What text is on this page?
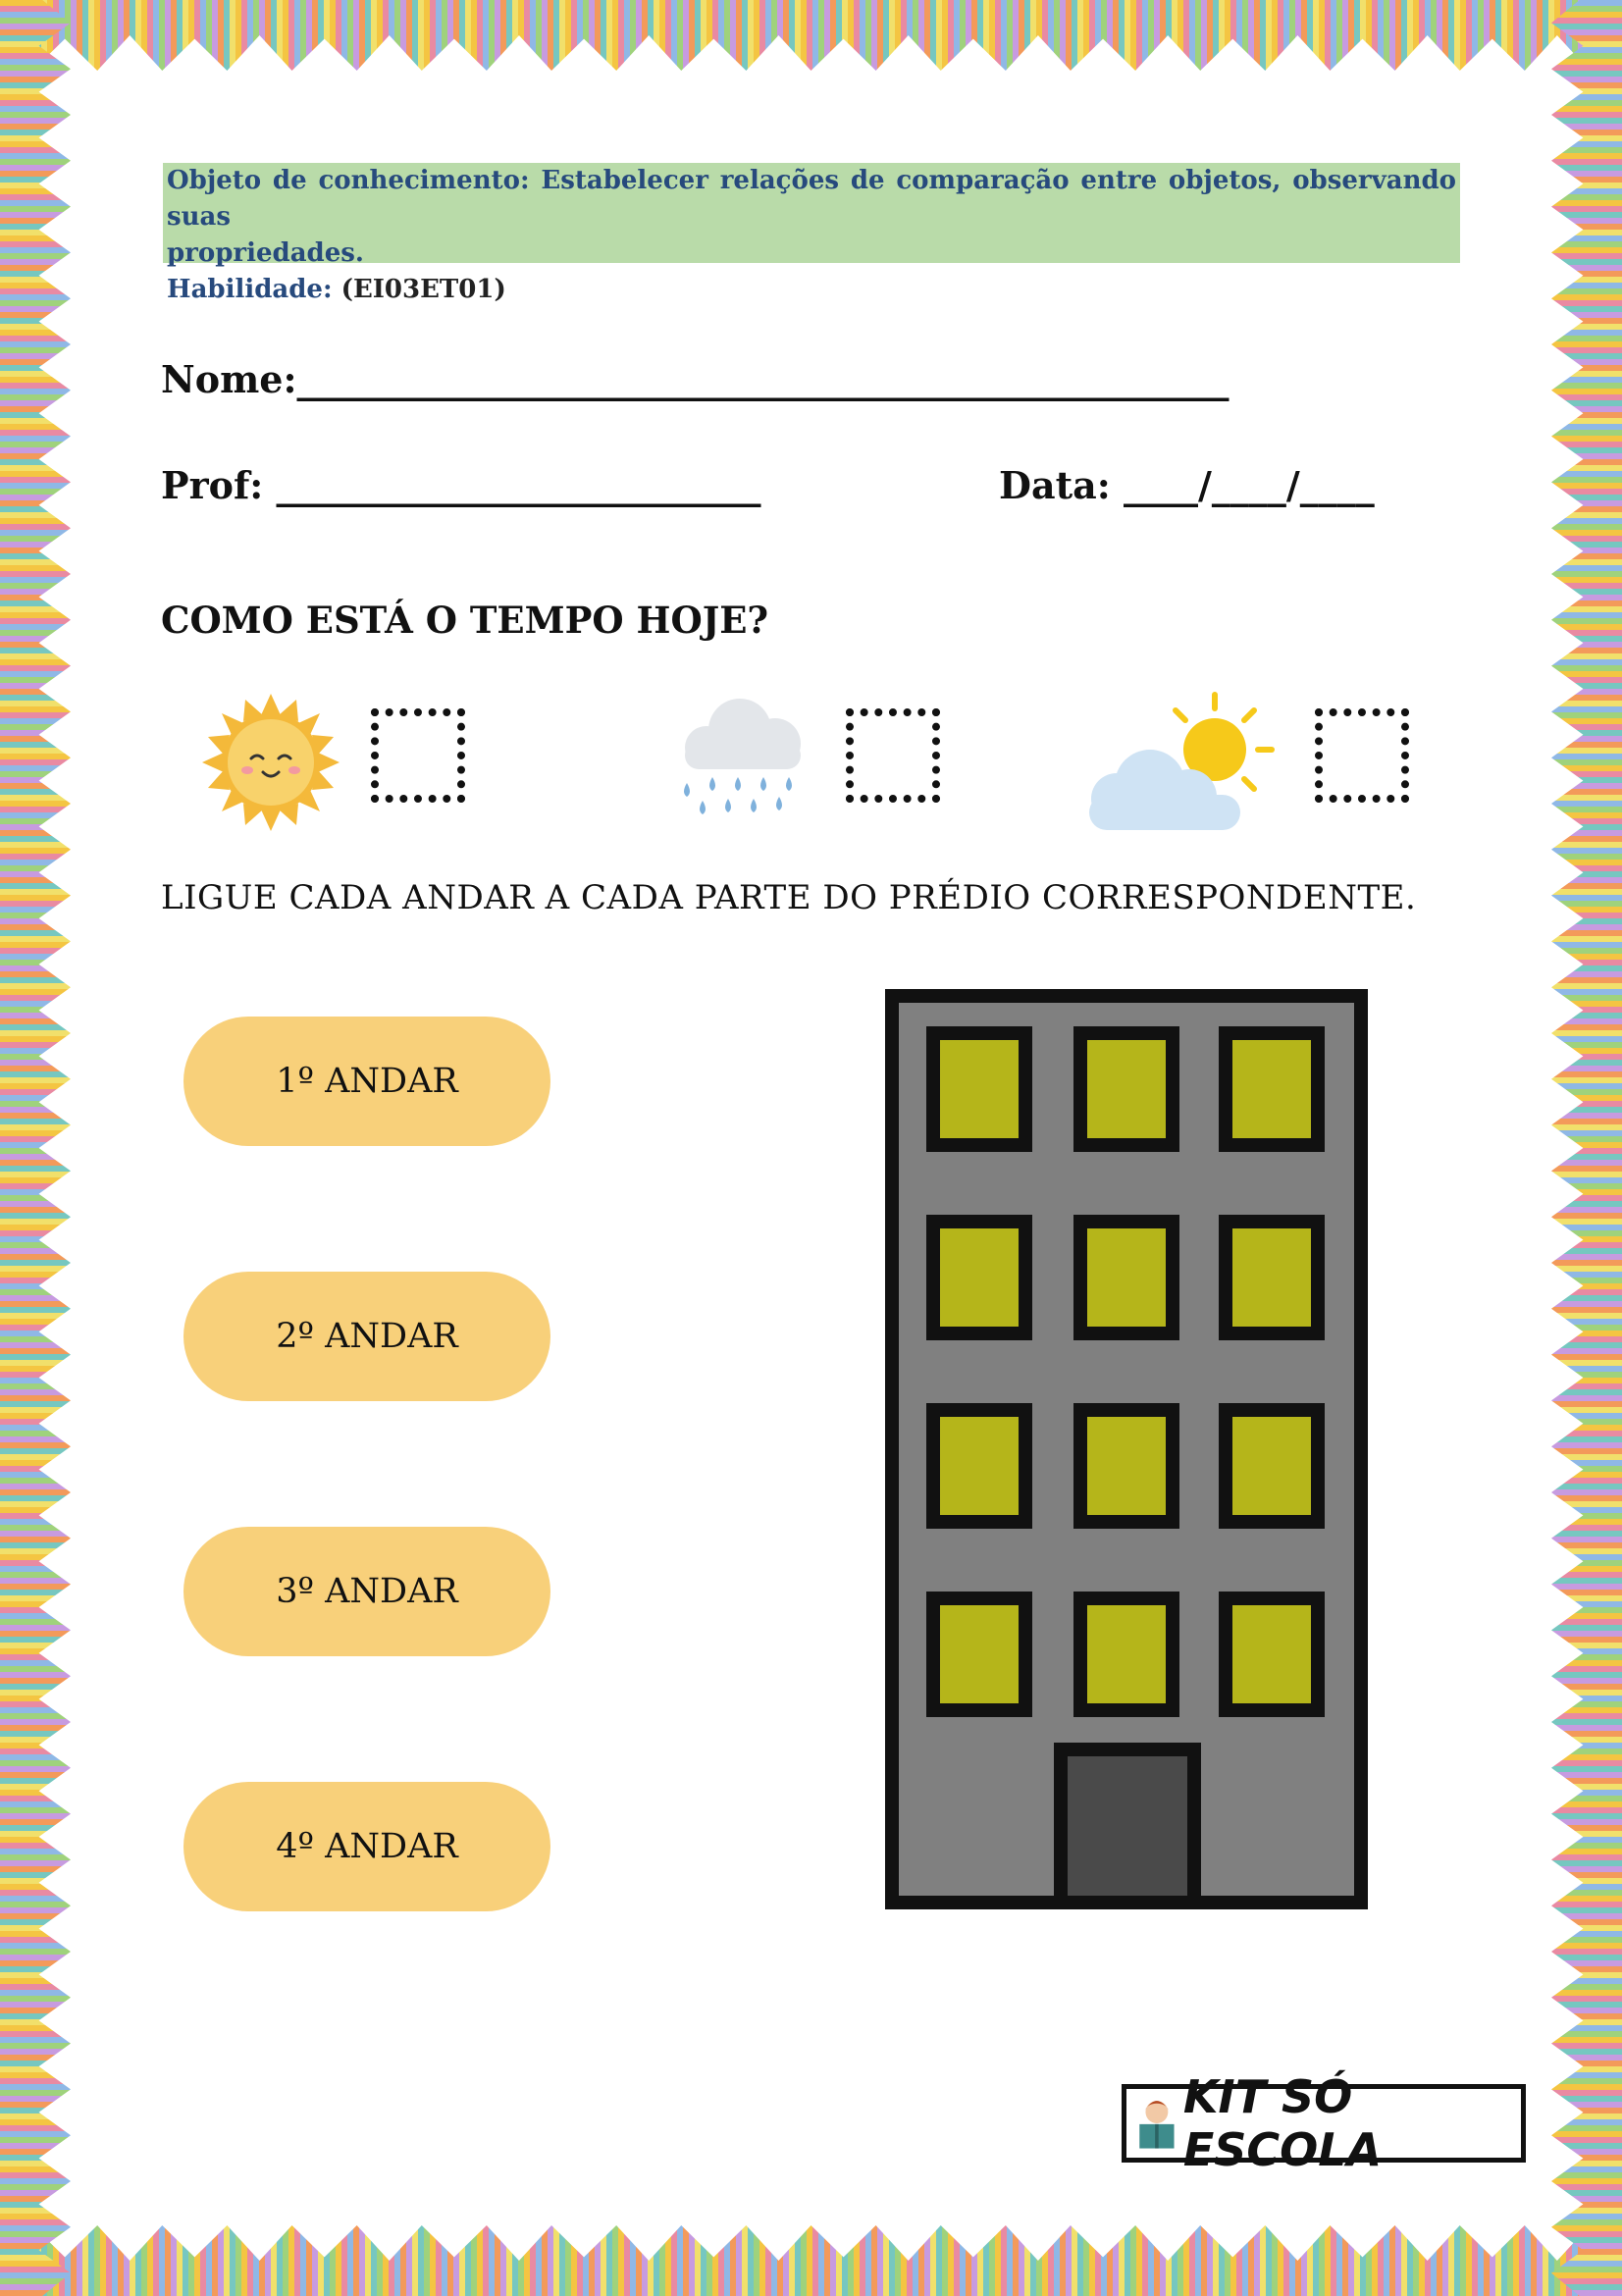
Objeto de conhecimento: Estabelecer relações de comparação entre objetos, observando suas
propriedades.
Habilidade: (EI03ET01)
Nome:__________________________________________________
Prof: __________________________	Data: ____/____/____
COMO ESTÁ O TEMPO HOJE?
LIGUE CADA ANDAR A CADA PARTE DO PRÉDIO CORRESPONDENTE.
1º ANDAR
2º ANDAR
3º ANDAR
4º ANDAR
KIT SÓ ESCOLA
